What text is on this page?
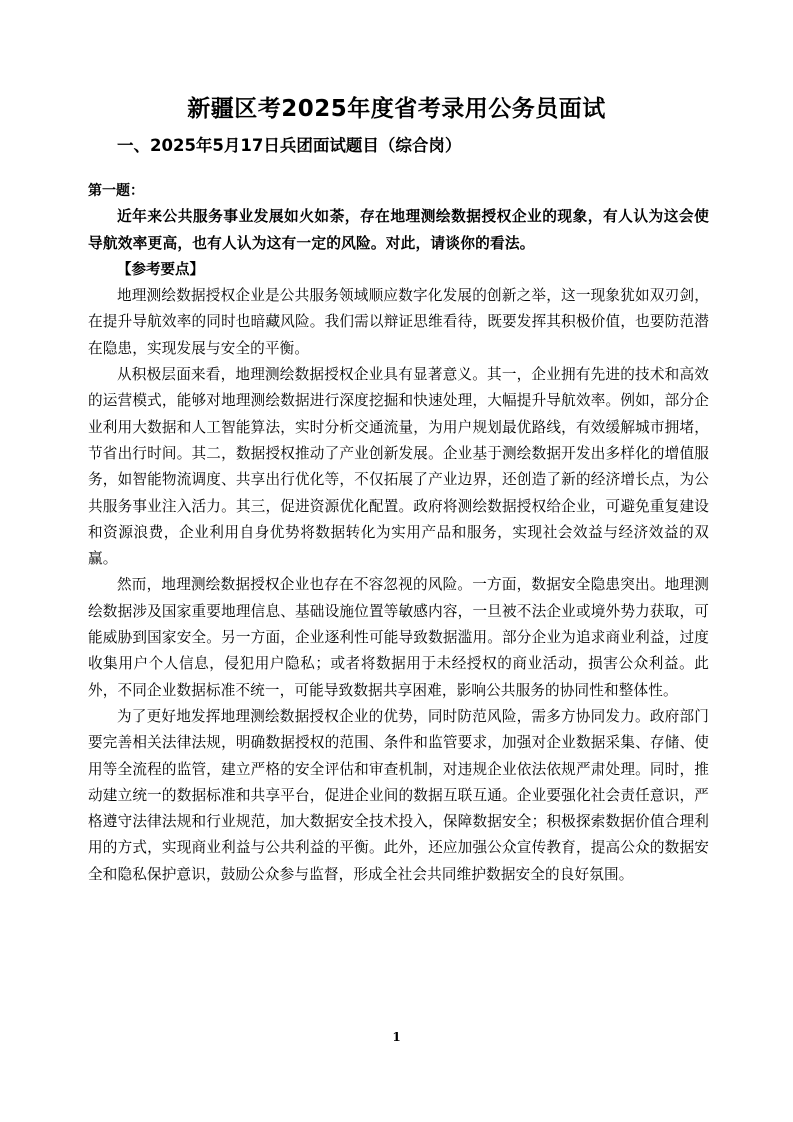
新疆区考2025年度省考录用公务员面试
一、2025年5月17日兵团面试题目（综合岗）

第一题：

近年来公共服务事业发展如火如荼，存在地理测绘数据授权企业的现象，有人认为这会使导航效率更高，也有人认为这有一定的风险。对此，请谈你的看法。

【参考要点】

地理测绘数据授权企业是公共服务领域顺应数字化发展的创新之举，这一现象犹如双刃剑，在提升导航效率的同时也暗藏风险。我们需以辩证思维看待，既要发挥其积极价值，也要防范潜在隐患，实现发展与安全的平衡。

从积极层面来看，地理测绘数据授权企业具有显著意义。其一，企业拥有先进的技术和高效的运营模式，能够对地理测绘数据进行深度挖掘和快速处理，大幅提升导航效率。例如，部分企业利用大数据和人工智能算法，实时分析交通流量，为用户规划最优路线，有效缓解城市拥堵，节省出行时间。其二，数据授权推动了产业创新发展。企业基于测绘数据开发出多样化的增值服务，如智能物流调度、共享出行优化等，不仅拓展了产业边界，还创造了新的经济增长点，为公共服务事业注入活力。其三，促进资源优化配置。政府将测绘数据授权给企业，可避免重复建设和资源浪费，企业利用自身优势将数据转化为实用产品和服务，实现社会效益与经济效益的双赢。

然而，地理测绘数据授权企业也存在不容忽视的风险。一方面，数据安全隐患突出。地理测绘数据涉及国家重要地理信息、基础设施位置等敏感内容，一旦被不法企业或境外势力获取，可能威胁到国家安全。另一方面，企业逐利性可能导致数据滥用。部分企业为追求商业利益，过度收集用户个人信息，侵犯用户隐私；或者将数据用于未经授权的商业活动，损害公众利益。此外，不同企业数据标准不统一，可能导致数据共享困难，影响公共服务的协同性和整体性。

为了更好地发挥地理测绘数据授权企业的优势，同时防范风险，需多方协同发力。政府部门要完善相关法律法规，明确数据授权的范围、条件和监管要求，加强对企业数据采集、存储、使用等全流程的监管，建立严格的安全评估和审查机制，对违规企业依法依规严肃处理。同时，推动建立统一的数据标准和共享平台，促进企业间的数据互联互通。企业要强化社会责任意识，严格遵守法律法规和行业规范，加大数据安全技术投入，保障数据安全；积极探索数据价值合理利用的方式，实现商业利益与公共利益的平衡。此外，还应加强公众宣传教育，提高公众的数据安全和隐私保护意识，鼓励公众参与监督，形成全社会共同维护数据安全的良好氛围。

1
